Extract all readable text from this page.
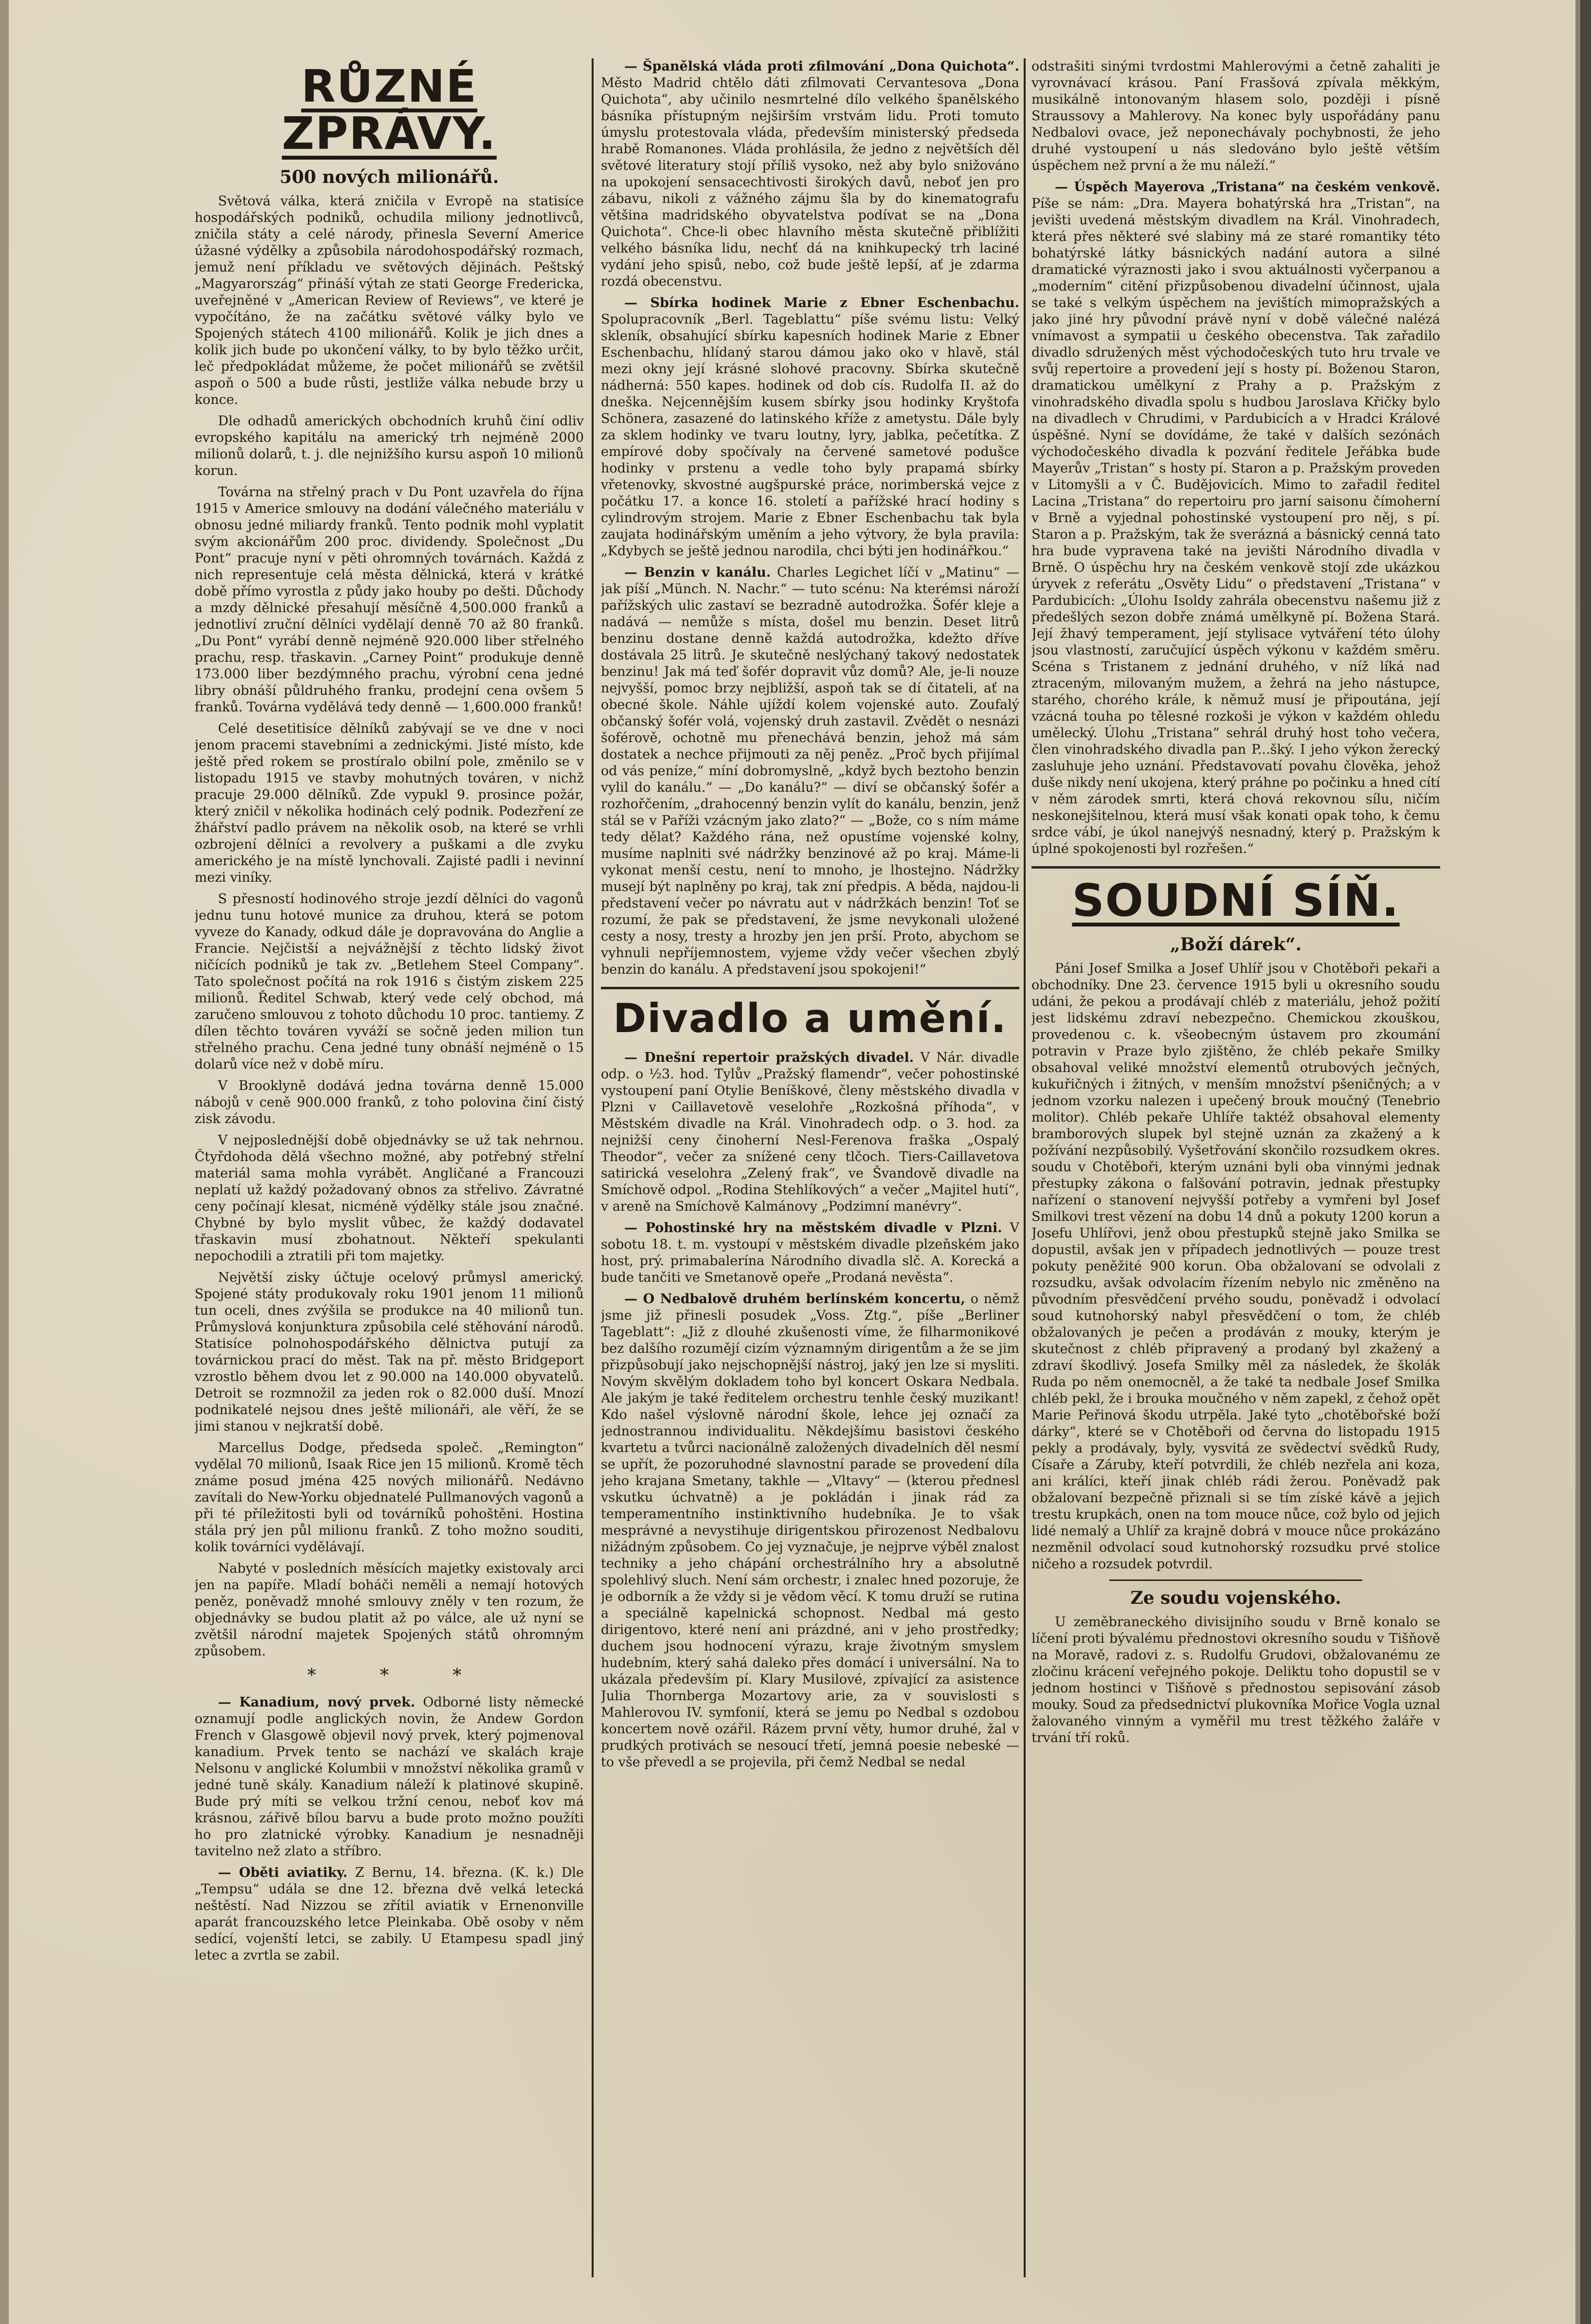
RŮZNÉ ZPRÁVY.
500 nových milionářů.

Světová válka, která zničila v Evropě na statisíce hospodářských podniků, ochudila miliony jednotlivců, zničila státy a celé národy, přinesla Severní Americe úžasné výdělky a způsobila národohospodářský rozmach, jemuž není příkladu ve světových dějinách. Peštský „Magyarország“ přináší výtah ze stati George Fredericka, uveřejněné v „American Review of Reviews“, ve které je vypočítáno, že na začátku světové války bylo ve Spojených státech 4100 milionářů. Kolik je jich dnes a kolik jich bude po ukončení války, to by bylo těžko určit, leč předpokládat můžeme, že počet milionářů se zvětšil aspoň o 500 a bude růsti, jestliže válka nebude brzy u konce.

Dle odhadů amerických obchodních kruhů činí odliv evropského kapitálu na americký trh nejméně 2000 milionů dolarů, t. j. dle nejnižšího kursu aspoň 10 milionů korun.

Továrna na střelný prach v Du Pont uzavřela do října 1915 v Americe smlouvy na dodání válečného materiálu v obnosu jedné miliardy franků. Tento podnik mohl vyplatit svým akcionářům 200 proc. dividendy. Společnost „Du Pont“ pracuje nyní v pěti ohromných továrnách. Každá z nich representuje celá města dělnická, která v krátké době přímo vyrostla z půdy jako houby po dešti. Důchody a mzdy dělnické přesahují měsíčně 4,500.000 franků a jednotliví zruční dělníci vydělají denně 70 až 80 franků. „Du Pont“ vyrábí denně nejméně 920.000 liber střelného prachu, resp. třaskavin. „Carney Point“ produkuje denně 173.000 liber bezdýmného prachu, výrobní cena jedné libry obnáší půldruhého franku, prodejní cena ovšem 5 franků. Továrna vydělává tedy denně — 1,600.000 franků!

Celé desetitisíce dělníků zabývají se ve dne v noci jenom pracemi stavebními a zednickými. Jisté místo, kde ještě před rokem se prostíralo obilní pole, změnilo se v listopadu 1915 ve stavby mohutných továren, v nichž pracuje 29.000 dělníků. Zde vypukl 9. prosince požár, který zničil v několika hodinách celý podnik. Podezření ze žhářství padlo právem na několik osob, na které se vrhli ozbrojení dělníci a revolvery a puškami a dle zvyku amerického je na místě lynchovali. Zajisté padli i nevinní mezi viníky.

S přesností hodinového stroje jezdí dělníci do vagonů jednu tunu hotové munice za druhou, která se potom vyveze do Kanady, odkud dále je dopravována do Anglie a Francie. Nejčistší a nejvážnější z těchto lidský život ničících podniků je tak zv. „Betlehem Steel Company“. Tato společnost počítá na rok 1916 s čistým ziskem 225 milionů. Ředitel Schwab, který vede celý obchod, má zaručeno smlouvou z tohoto důchodu 10 proc. tantiemy. Z dílen těchto továren vyváží se sočně jeden milion tun střelného prachu. Cena jedné tuny obnáší nejméně o 15 dolarů více než v době míru.

V Brooklyně dodává jedna továrna denně 15.000 nábojů v ceně 900.000 franků, z toho polovina činí čistý zisk závodu.

V nejposlednější době objednávky se už tak nehrnou. Čtyřdohoda dělá všechno možné, aby potřebný střelní materiál sama mohla vyrábět. Angličané a Francouzi neplatí už každý požadovaný obnos za střelivo. Závratné ceny počínají klesat, nicméně výdělky stále jsou značné. Chybné by bylo myslit vůbec, že každý dodavatel třaskavin musí zbohatnout. Někteří spekulanti nepochodili a ztratili při tom majetky.

Největší zisky účtuje ocelový průmysl americký. Spojené státy produkovaly roku 1901 jenom 11 milionů tun oceli, dnes zvýšila se produkce na 40 milionů tun. Průmyslová konjunktura způsobila celé stěhování národů. Statisíce polnohospodářského dělnictva putují za továrnickou prací do měst. Tak na př. město Bridgeport vzrostlo během dvou let z 90.000 na 140.000 obyvatelů. Detroit se rozmnožil za jeden rok o 82.000 duší. Mnozí podnikatelé nejsou dnes ještě milionáři, ale věří, že se jimi stanou v nejkratší době.

Marcellus Dodge, předseda společ. „Remington“ vydělal 70 milionů, Isaak Rice jen 15 milionů. Kromě těch známe posud jména 425 nových milionářů. Nedávno zavítali do New-Yorku objednatelé Pullmanových vagonů a při té příležitosti byli od továrníků pohoštěni. Hostina stála prý jen půl milionu franků. Z toho možno souditi, kolik továrníci vydělávají.

Nabyté v posledních měsících majetky existovaly arci jen na papíře. Mladí boháči neměli a nemají hotových peněz, poněvadž mnohé smlouvy zněly v ten rozum, že objednávky se budou platit až po válce, ale už nyní se zvětšil národní majetek Spojených států ohromným způsobem.

* * *

— Kanadium, nový prvek. Odborné listy německé oznamují podle anglických novin, že Andew Gordon French v Glasgowě objevil nový prvek, který pojmenoval kanadium. Prvek tento se nachází ve skalách kraje Nelsonu v anglické Kolumbii v množství několika gramů v jedné tuně skály. Kanadium náleží k platinové skupině. Bude prý míti se velkou tržní cenou, neboť kov má krásnou, zářivě bílou barvu a bude proto možno použíti ho pro zlatnické výrobky. Kanadium je nesnadněji tavitelno než zlato a stříbro.

— Oběti aviatiky. Z Bernu, 14. března. (K. k.) Dle „Tempsu“ udála se dne 12. března dvě velká letecká neštěstí. Nad Nizzou se zřítil aviatik v Ernenonville aparát francouzského letce Pleinkaba. Obě osoby v něm sedící, vojenští letci, se zabily. U Etampesu spadl jiný letec a zvrtla se zabil.

— Španělská vláda proti zfilmování „Dona Quichota“. Město Madrid chtělo dáti zfilmovati Cervantesova „Dona Quichota“, aby učinilo nesmrtelné dílo velkého španělského básníka přístupným nejširším vrstvám lidu. Proti tomuto úmyslu protestovala vláda, především ministerský předseda hrabě Romanones. Vláda prohlásila, že jedno z největších děl světové literatury stojí příliš vysoko, než aby bylo snižováno na upokojení sensacechtivosti širokých davů, neboť jen pro zábavu, nikoli z vážného zájmu šla by do kinematografu většina madridského obyvatelstva podívat se na „Dona Quichota“. Chce-li obec hlavního města skutečně přiblížiti velkého básníka lidu, nechť dá na knihkupecký trh laciné vydání jeho spisů, nebo, což bude ještě lepší, ať je zdarma rozdá obecenstvu.

— Sbírka hodinek Marie z Ebner Eschenbachu. Spolupracovník „Berl. Tageblattu“ píše svému listu: Velký skleník, obsahující sbírku kapesních hodinek Marie z Ebner Eschenbachu, hlídaný starou dámou jako oko v hlavě, stál mezi okny její krásné slohové pracovny. Sbírka skutečně nádherná: 550 kapes. hodinek od dob cís. Rudolfa II. až do dneška. Nejcennějším kusem sbírky jsou hodinky Kryštofa Schönera, zasazené do latinského kříže z ametystu. Dále byly za sklem hodinky ve tvaru loutny, lyry, jablka, pečetítka. Z empírové doby spočívaly na červené sametové podušce hodinky v prstenu a vedle toho byly prapamá sbírky vřetenovky, skvostné augšpurské práce, norimberská vejce z počátku 17. a konce 16. století a pařížské hrací hodiny s cylindrovým strojem. Marie z Ebner Eschenbachu tak byla zaujata hodinářským uměním a jeho výtvory, že byla pravila: „Kdybych se ještě jednou narodila, chci býti jen hodinářkou.“

— Benzin v kanálu. Charles Legichet líčí v „Matinu“ — jak píší „Münch. N. Nachr.“ — tuto scénu: Na kterémsi nároží pařížských ulic zastaví se bezradně autodrožka. Šofér kleje a nadává — nemůže s místa, došel mu benzin. Deset litrů benzinu dostane denně každá autodrožka, kdežto dříve dostávala 25 litrů. Je skutečně neslýchaný takový nedostatek benzinu! Jak má teď šofér dopravit vůz domů? Ale, je-li nouze nejvyšší, pomoc brzy nejbližší, aspoň tak se dí čitateli, ať na obecné škole. Náhle ujíždí kolem vojenské auto. Zoufalý občanský šofér volá, vojenský druh zastavil. Zvědět o nesnázi šoférově, ochotně mu přenechává benzin, jehož má sám dostatek a nechce přijmouti za něj peněz. „Proč bych přijímal od vás peníze,“ míní dobromyslně, „když bych beztoho benzin vylil do kanálu.“ — „Do kanálu?“ — diví se občanský šofér a rozhořčením, „drahocenný benzin vylít do kanálu, benzin, jenž stál se v Paříži vzácným jako zlato?“ — „Bože, co s ním máme tedy dělat? Každého rána, než opustíme vojenské kolny, musíme naplniti své nádržky benzinové až po kraj. Máme-li vykonat menší cestu, není to mnoho, je lhostejno. Nádržky musejí být naplněny po kraj, tak zní předpis. A běda, najdou-li představení večer po návratu aut v nádržkách benzin! Toť se rozumí, že pak se představení, že jsme nevykonali uložené cesty a nosy, tresty a hrozby jen jen prší. Proto, abychom se vyhnuli nepříjemnostem, vyjeme vždy večer všechen zbylý benzin do kanálu. A představení jsou spokojeni!“

Divadlo a umění.

— Dnešní repertoir pražských divadel. V Nár. divadle odp. o ½3. hod. Tylův „Pražský flamendr“, večer pohostinské vystoupení paní Otylie Beníškové, členy městského divadla v Plzni v Caillavetově veselohře „Rozkošná příhoda“, v Městském divadle na Král. Vinohradech odp. o 3. hod. za nejnižší ceny činoherní Nesl-Ferenova fraška „Ospalý Theodor“, večer za snížené ceny tlčoch. Tiers-Caillavetova satirická veselohra „Zelený frak“, ve Švandově divadle na Smíchově odpol. „Rodina Stehlíkových“ a večer „Majitel hutí“, v areně na Smíchově Kalmánovy „Podzimní manévry“.

— Pohostinské hry na městském divadle v Plzni. V sobotu 18. t. m. vystoupí v městském divadle plzeňském jako host, prý. primabalerína Národního divadla slč. A. Korecká a bude tančiti ve Smetanově opeře „Prodaná nevěsta“.

— O Nedbalově druhém berlínském koncertu, o němž jsme již přinesli posudek „Voss. Ztg.“, píše „Berliner Tageblatt“: „Již z dlouhé zkušenosti víme, že filharmonikové bez dalšího rozumějí cizím významným dirigentům a že se jim přizpůsobují jako nejschopnější nástroj, jaký jen lze si mysliti. Novým skvělým dokladem toho byl koncert Oskara Nedbala. Ale jakým je také ředitelem orchestru tenhle český muzikant! Kdo našel výslovně národní škole, lehce jej označí za jednostrannou individualitu. Někdejšímu basistovi českého kvartetu a tvůrci nacionálně založených divadelních děl nesmí se upřít, že pozoruhodné slavnostní parade se provedení díla jeho krajana Smetany, takhle — „Vltavy“ — (kterou přednesl vskutku úchvatně) a je pokládán i jinak rád za temperamentního instinktivního hudebníka. Je to však mesprávné a nevystihuje dirigentskou přirozenost Nedbalovu nižádným způsobem. Co jej vyznačuje, je nejprve výběl znalost techniky a jeho chápání orchestrálního hry a absolutně spolehlivý sluch. Není sám orchestr, i znalec hned pozoruje, že je odborník a že vždy si je vědom věcí. K tomu druží se rutina a speciálně kapelnická schopnost. Nedbal má gesto dirigentovo, které není ani prázdné, ani v jeho prostředky; duchem jsou hodnocení výrazu, kraje životným smyslem hudebním, který sahá daleko přes domácí i universální. Na to ukázala především pí. Klary Musilové, zpívající za asistence Julia Thornberga Mozartovy arie, za v souvislosti s Mahlerovou IV. symfonií, která se jemu po Nedbal s ozdobou koncertem nově ozářil. Rázem první věty, humor druhé, žal v prudkých protivách se nesoucí třetí, jemná poesie nebeské — to vše převedl a se projevila, při čemž Nedbal se nedal

odstrašiti sinými tvrdostmi Mahlerovými a četně zahaliti je vyrovnávací krásou. Paní Frasšová zpívala měkkým, musikálně intonovaným hlasem solo, později i písně Straussovy a Mahlerovy. Na konec byly uspořádány panu Nedbalovi ovace, jež neponechávaly pochybnosti, že jeho druhé vystoupení u nás sledováno bylo ještě větším úspěchem než první a že mu náleží.“

— Úspěch Mayerova „Tristana“ na českém venkově. Píše se nám: „Dra. Mayera bohatýrská hra „Tristan“, na jevišti uvedená městským divadlem na Král. Vinohradech, která přes některé své slabiny má ze staré romantiky této bohatýrské látky básnických nadání autora a silné dramatické výraznosti jako i svou aktuálnosti vyčerpanou a „moderním“ citění přizpůsobenou divadelní účinnost, ujala se také s velkým úspěchem na jevištích mimopražských a jako jiné hry původní právě nyní v době válečné nalézá vnímavost a sympatii u českého obecenstva. Tak zařadilo divadlo sdružených měst východočeských tuto hru trvale ve svůj repertoire a provedení její s hosty pí. Boženou Staron, dramatickou umělkyní z Prahy a p. Pražským z vinohradského divadla spolu s hudbou Jaroslava Křičky bylo na divadlech v Chrudimi, v Pardubicích a v Hradci Králové úspěšné. Nyní se dovídáme, že také v dalších sezónách východočeského divadla k pozvání ředitele Jeřábka bude Mayerův „Tristan“ s hosty pí. Staron a p. Pražským proveden v Litomyšli a v Č. Budějovicích. Mimo to zařadil ředitel Lacina „Tristana“ do repertoiru pro jarní saisonu čímoherní v Brně a vyjednal pohostinské vystoupení pro něj, s pí. Staron a p. Pražským, tak že sverázná a básnický cenná tato hra bude vypravena také na jevišti Národního divadla v Brně. O úspěchu hry na českém venkově stojí zde ukázkou úryvek z referátu „Osvěty Lidu“ o představení „Tristana“ v Pardubicích: „Úlohu Isoldy zahrála obecenstvu našemu již z předešlých sezon dobře známá umělkyně pí. Božena Stará. Její žhavý temperament, její stylisace vytváření této úlohy jsou vlastností, zaručující úspěch výkonu v každém směru. Scéna s Tristanem z jednání druhého, v níž líká nad ztraceným, milovaným mužem, a žehrá na jeho nástupce, starého, chorého krále, k němuž musí je připoutána, její vzácná touha po tělesné rozkoši je výkon v každém ohledu umělecký. Úlohu „Tristana“ sehrál druhý host toho večera, člen vinohradského divadla pan P...šký. I jeho výkon žerecký zasluhuje jeho uznání. Představovatí povahu člověka, jehož duše nikdy není ukojena, který práhne po počinku a hned cítí v něm zárodek smrti, která chová rekovnou sílu, ničím neskonejšitelnou, která musí však konati opak toho, k čemu srdce vábí, je úkol nanejvýš nesnadný, který p. Pražským k úplné spokojenosti byl rozřešen.“

SOUDNÍ SÍŇ.
„Boží dárek“.

Páni Josef Smilka a Josef Uhlíř jsou v Chotěboři pekaři a obchodníky. Dne 23. července 1915 byli u okresního soudu udáni, že pekou a prodávají chléb z materiálu, jehož požití jest lidskému zdraví nebezpečno. Chemickou zkouškou, provedenou c. k. všeobecným ústavem pro zkoumání potravin v Praze bylo zjištěno, že chléb pekaře Smilky obsahoval veliké množství elementů otrubových ječných, kukuřičných i žitných, v menším množství pšeničných; a v jednom vzorku nalezen i upečený brouk moučný (Tenebrio molitor). Chléb pekaře Uhlíře taktéž obsahoval elementy bramborových slupek byl stejně uznán za zkažený a k požívání nezpůsobilý. Vyšetřování skončilo rozsudkem okres. soudu v Chotěboři, kterým uznáni byli oba vinnými jednak přestupky zákona o falšování potravin, jednak přestupky nařízení o stanovení nejvyšší potřeby a vymřeni byl Josef Smilkovi trest vězení na dobu 14 dnů a pokuty 1200 korun a Josefu Uhlířovi, jenž obou přestupků stejně jako Smilka se dopustil, avšak jen v případech jednotlivých — pouze trest pokuty peněžité 900 korun. Oba obžalovaní se odvolali z rozsudku, avšak odvolacím řízením nebylo nic změněno na původním přesvědčení prvého soudu, poněvadž i odvolací soud kutnohorský nabyl přesvědčení o tom, že chléb obžalovaných je pečen a prodáván z mouky, kterým je skutečnost z chléb připravený a prodaný byl zkažený a zdraví škodlivý. Josefa Smilky měl za následek, že školák Ruda po něm onemocněl, a že také ta nedbale Josef Smilka chléb pekl, že i brouka moučného v něm zapekl, z čehož opět Marie Peřinová škodu utrpěla. Jaké tyto „chotěbořské boží dárky“, které se v Chotěboři od června do listopadu 1915 pekly a prodávaly, byly, vysvitá ze svědectví svědků Rudy, Císaře a Záruby, kteří potvrdili, že chléb nezřela ani kozа, ani králíci, kteří jinak chléb rádi žerou. Poněvadž pak obžalovaní bezpečně přiznali si se tím získé kávě a jejich trestu krupkách, onen na tom mouce nůce, což bylo od jejich lidé nemalý a Uhlíř za krajně dobrá v mouce nůce prokázáno nezměnil odvolací soud kutnohorský rozsudku prvé stolice ničeho a rozsudek potvrdil.

Ze soudu vojenského.

U zeměbraneckého divisijního soudu v Brně konalo se líčení proti bývalému přednostovi okresního soudu v Tišňově na Moravě, radovi z. s. Rudolfu Grudovi, obžalovanému ze zločinu krácení veřejného pokoje. Deliktu toho dopustil se v jednom hostinci v Tišňově s přednostou sepisování zásob mouky. Soud za předsednictví plukovníka Mořice Vogla uznal žalovaného vinným a vyměřil mu trest těžkého žaláře v trvání tří roků.
